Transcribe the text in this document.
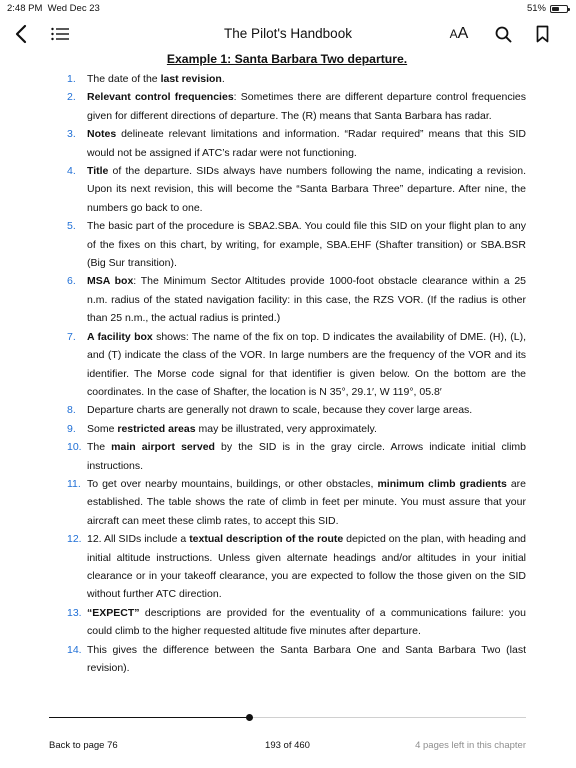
2:48 PM Wed Dec 23	51%
The Pilot's Handbook	AA
Example 1: Santa Barbara Two departure.
1. The date of the last revision.
2. Relevant control frequencies: Sometimes there are different departure control frequencies given for different directions of departure. The (R) means that Santa Barbara has radar.
3. Notes delineate relevant limitations and information. “Radar required” means that this SID would not be assigned if ATC’s radar were not functioning.
4. Title of the departure. SIDs always have numbers following the name, indicating a revision. Upon its next revision, this will become the “Santa Barbara Three” departure. After nine, the numbers go back to one.
5. The basic part of the procedure is SBA2.SBA. You could file this SID on your flight plan to any of the fixes on this chart, by writing, for example, SBA.EHF (Shafter transition) or SBA.BSR (Big Sur transition).
6. MSA box: The Minimum Sector Altitudes provide 1000-foot obstacle clearance within a 25 n.m. radius of the stated navigation facility: in this case, the RZS VOR. (If the radius is other than 25 n.m., the actual radius is printed.)
7. A facility box shows: The name of the fix on top. D indicates the availability of DME. (H), (L), and (T) indicate the class of the VOR. In large numbers are the frequency of the VOR and its identifier. The Morse code signal for that identifier is given below. On the bottom are the coordinates. In the case of Shafter, the location is N 35°, 29.1′, W 119°, 05.8′
8. Departure charts are generally not drawn to scale, because they cover large areas.
9. Some restricted areas may be illustrated, very approximately.
10. The main airport served by the SID is in the gray circle. Arrows indicate initial climb instructions.
11. To get over nearby mountains, buildings, or other obstacles, minimum climb gradients are established. The table shows the rate of climb in feet per minute. You must assure that your aircraft can meet these climb rates, to accept this SID.
12. 12. All SIDs include a textual description of the route depicted on the plan, with heading and initial altitude instructions. Unless given alternate headings and/or altitudes in your initial clearance or in your takeoff clearance, you are expected to follow the those given on the SID without further ATC direction.
13. “EXPECT” descriptions are provided for the eventuality of a communications failure: you could climb to the higher requested altitude five minutes after departure.
14. This gives the difference between the Santa Barbara One and Santa Barbara Two (last revision).
Back to page 76	193 of 460	4 pages left in this chapter
